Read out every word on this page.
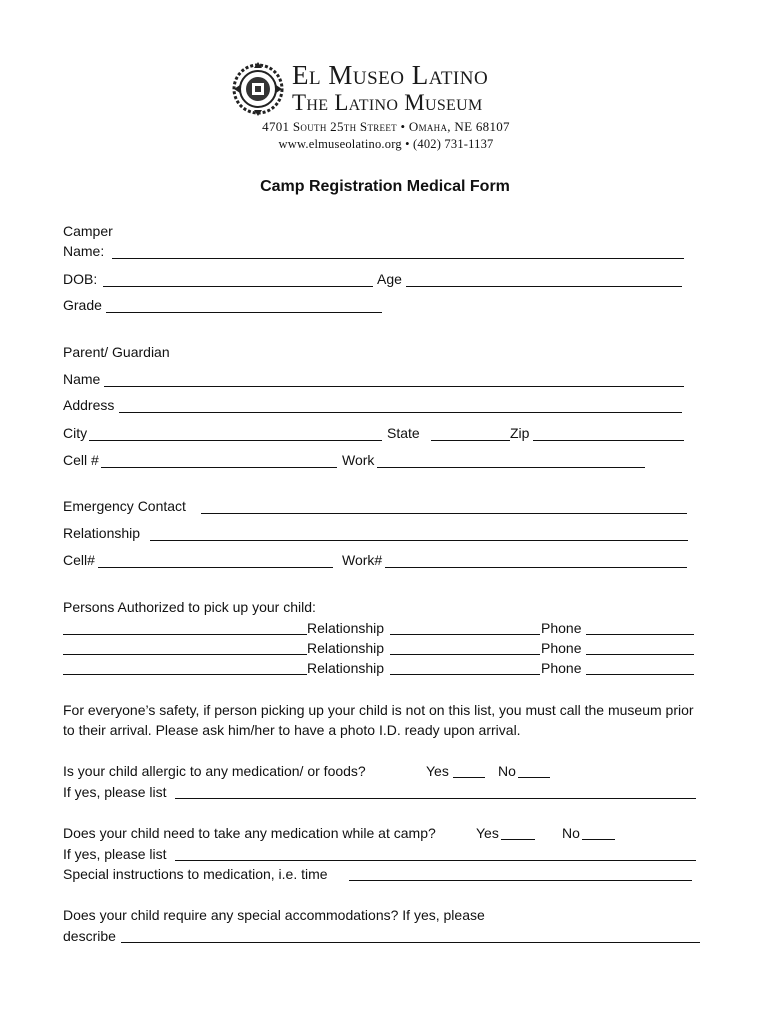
El Museo Latino
The Latino Museum
4701 South 25th Street • Omaha, NE 68107
www.elmuseolatino.org • (402) 731-1137
Camp Registration Medical Form
Camper
Name:
DOB:	Age
Grade
Parent/ Guardian
Name
Address
City	State	Zip
Cell #	Work
Emergency Contact
Relationship
Cell#	Work#
Persons Authorized to pick up your child:
Relationship	Phone
Relationship	Phone
Relationship	Phone
For everyone’s safety, if person picking up your child is not on this list, you must call the museum prior to their arrival. Please ask him/her to have a photo I.D. ready upon arrival.
Is your child allergic to any medication/ or foods?	Yes	No
If yes, please list
Does your child need to take any medication while at camp?	Yes	No
If yes, please list
Special instructions to medication, i.e. time
Does your child require any special accommodations? If yes, please
describe
